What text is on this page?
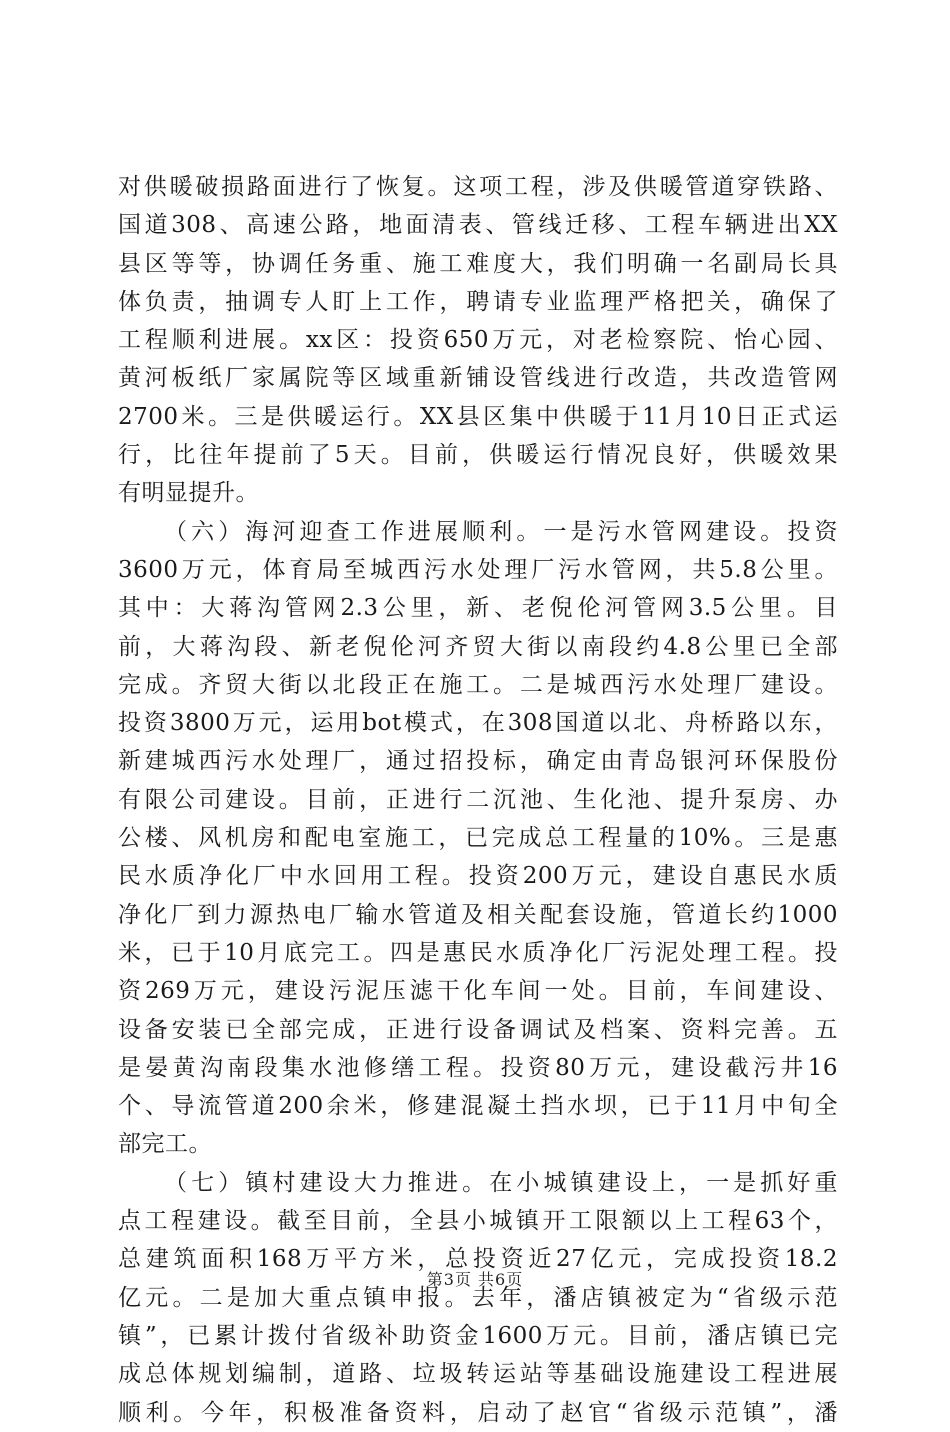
对供暖破损路面进行了恢复。这项工程，涉及供暖管道穿铁路、
国道308、高速公路，地面清表、管线迁移、工程车辆进出XX
县区等等，协调任务重、施工难度大，我们明确一名副局长具
体负责，抽调专人盯上工作，聘请专业监理严格把关，确保了
工程顺利进展。xx区：投资650万元，对老检察院、怡心园、
黄河板纸厂家属院等区域重新铺设管线进行改造，共改造管网
2700米。三是供暖运行。XX县区集中供暖于11月10日正式运
行，比往年提前了5天。目前，供暖运行情况良好，供暖效果
有明显提升。
（六）海河迎查工作进展顺利。一是污水管网建设。投资
3600万元，体育局至城西污水处理厂污水管网，共5.8公里。
其中：大蒋沟管网2.3公里，新、老倪伦河管网3.5公里。目
前，大蒋沟段、新老倪伦河齐贸大街以南段约4.8公里已全部
完成。齐贸大街以北段正在施工。二是城西污水处理厂建设。
投资3800万元，运用bot模式，在308国道以北、舟桥路以东，
新建城西污水处理厂，通过招投标，确定由青岛银河环保股份
有限公司建设。目前，正进行二沉池、生化池、提升泵房、办
公楼、风机房和配电室施工，已完成总工程量的10%。三是惠
民水质净化厂中水回用工程。投资200万元，建设自惠民水质
净化厂到力源热电厂输水管道及相关配套设施，管道长约1000
米，已于10月底完工。四是惠民水质净化厂污泥处理工程。投
资269万元，建设污泥压滤干化车间一处。目前，车间建设、
设备安装已全部完成，正进行设备调试及档案、资料完善。五
是晏黄沟南段集水池修缮工程。投资80万元，建设截污井16
个、导流管道200余米，修建混凝土挡水坝，已于11月中旬全
部完工。
（七）镇村建设大力推进。在小城镇建设上，一是抓好重
点工程建设。截至目前，全县小城镇开工限额以上工程63个，
总建筑面积168万平方米，总投资近27亿元，完成投资18.2
亿元。二是加大重点镇申报。去年，潘店镇被定为“省级示范
镇”，已累计拨付省级补助资金1600万元。目前，潘店镇已完
成总体规划编制，道路、垃圾转运站等基础设施建设工程进展
顺利。今年，积极准备资料，启动了赵官“省级示范镇”，潘
第3页 共6页
